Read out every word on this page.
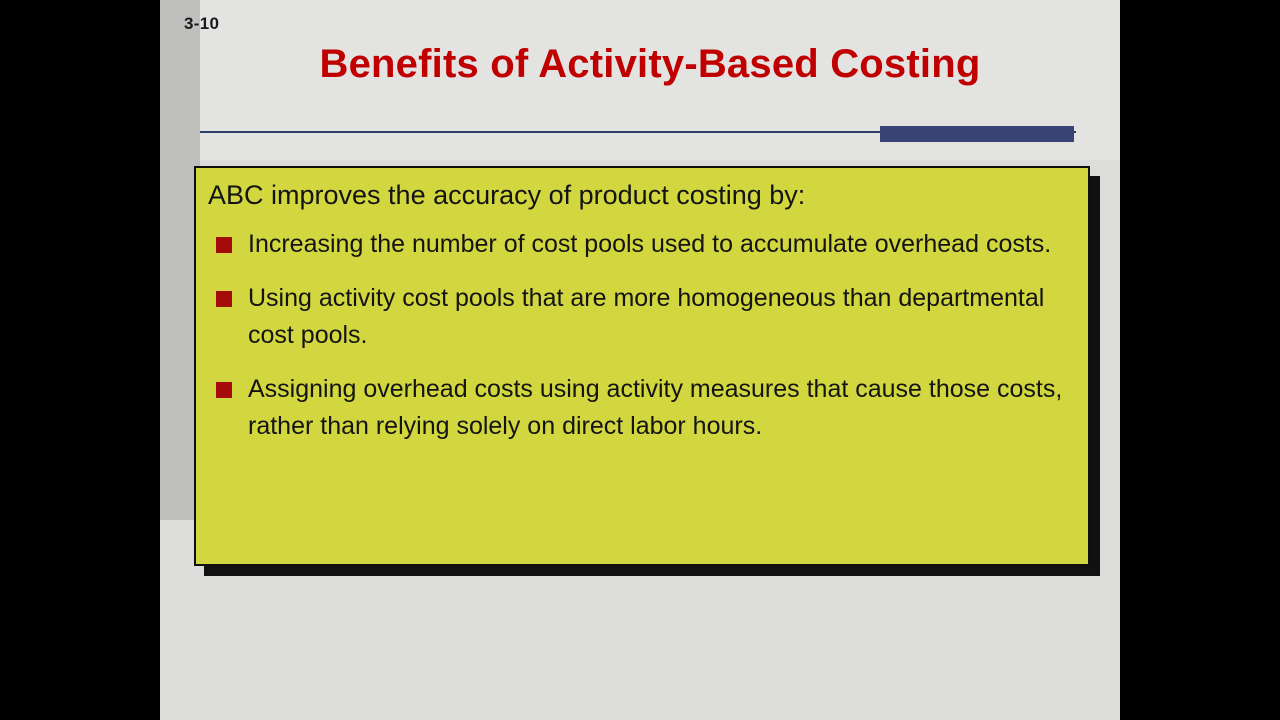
3-10
Benefits of Activity-Based Costing
ABC improves the accuracy of product costing by:
Increasing the number of cost pools used to accumulate overhead costs.
Using activity cost pools that are more homogeneous than departmental cost pools.
Assigning overhead costs using activity measures that cause those costs, rather than relying solely on direct labor hours.
